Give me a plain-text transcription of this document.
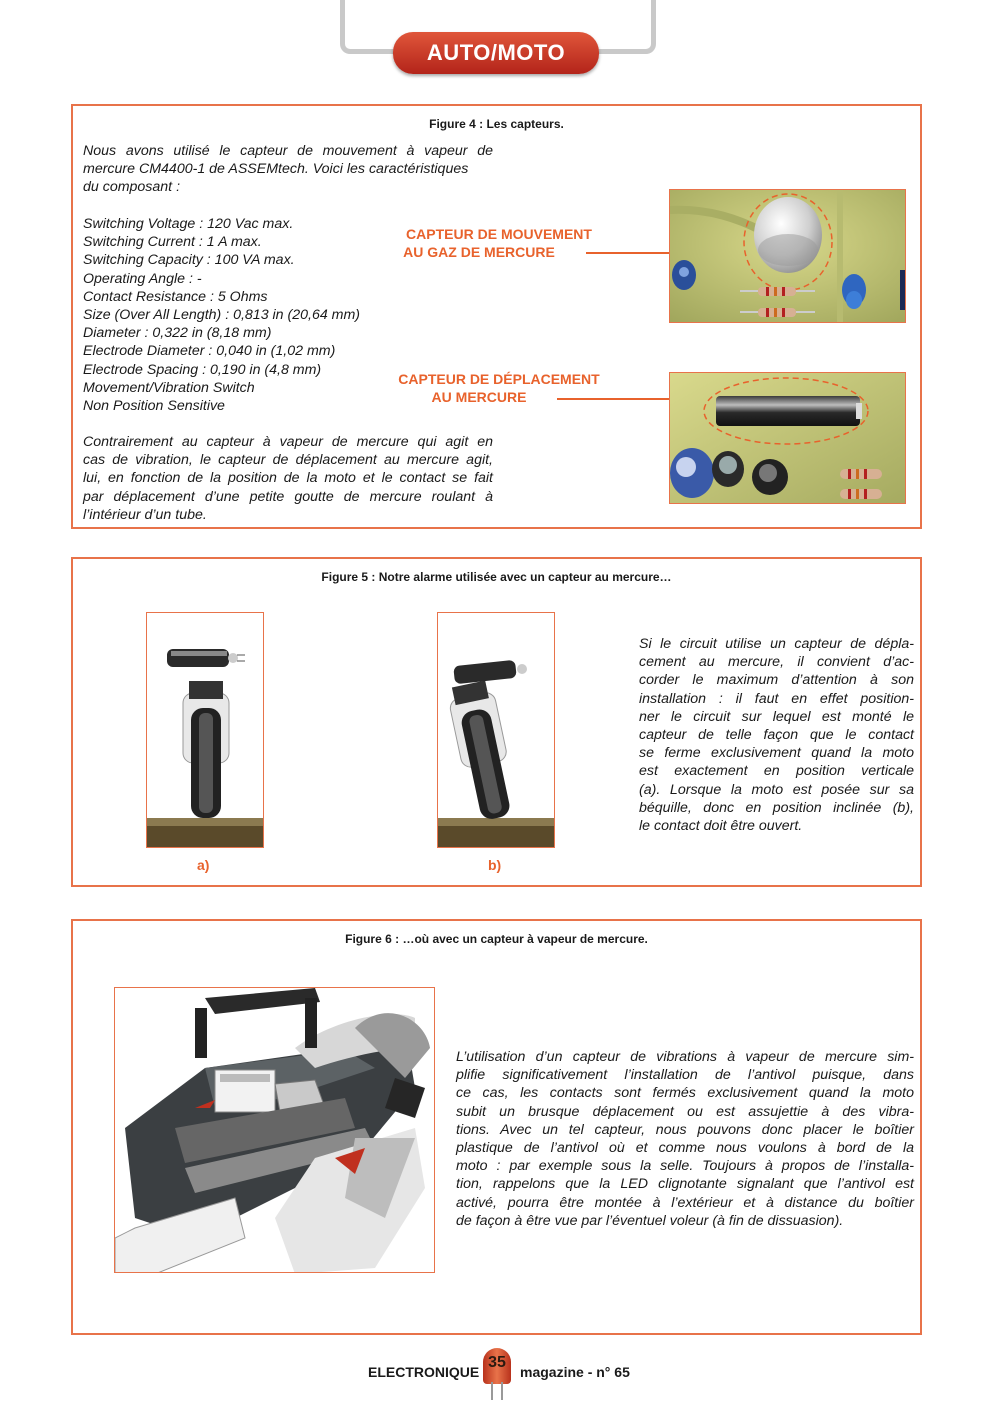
AUTO/MOTO
Figure 4 : Les capteurs.
Nous avons utilisé le capteur de mouvement à vapeur de
mercure CM4400-1 de ASSEMtech. Voici les caractéristiques
du composant :
Switching Voltage : 120 Vac max.
Switching Current : 1 A max.
Switching Capacity : 100 VA max.
Operating Angle : -
Contact Resistance : 5 Ohms
Size (Over All Length) : 0,813 in (20,64 mm)
Diameter : 0,322 in (8,18 mm)
Electrode Diameter : 0,040 in (1,02 mm)
Electrode Spacing : 0,190 in (4,8 mm)
Movement/Vibration Switch
Non Position Sensitive
Contrairement au capteur à vapeur de mercure qui agit en
cas de vibration, le capteur de déplacement au mercure agit,
lui, en fonction de la position de la moto et le contact se fait
par déplacement d’une petite goutte de mercure roulant à
l’intérieur d’un tube.
CAPTEUR DE MOUVEMENT
AU GAZ DE MERCURE
CAPTEUR DE DÉPLACEMENT
AU MERCURE
Figure 5 : Notre alarme utilisée avec un capteur au mercure…
a)	b)
Si le circuit utilise un capteur de dépla-
cement au mercure, il convient d’ac-
corder le maximum d’attention à son
installation : il faut en effet position-
ner le circuit sur lequel est monté le
capteur de telle façon que le contact
se ferme exclusivement quand la moto
est exactement en position verticale
(a). Lorsque la moto est posée sur sa
béquille, donc en position inclinée (b),
le contact doit être ouvert.
Figure 6 : …où avec un capteur à vapeur de mercure.
L’utilisation d’un capteur de vibrations à vapeur de mercure sim-
plifie significativement l’installation de l’antivol puisque, dans
ce cas, les contacts sont fermés exclusivement quand la moto
subit un brusque déplacement ou est assujettie à des vibra-
tions. Avec un tel capteur, nous pouvons donc placer le boîtier
plastique de l’antivol où et comme nous voulons à bord de la
moto : par exemple sous la selle. Toujours à propos de l’installa-
tion, rappelons que la LED clignotante signalant que l’antivol est
activé, pourra être montée à l’extérieur et à distance du boîtier
de façon à être vue par l’éventuel voleur (à fin de dissuasion).
ELECTRONIQUE
35
magazine - n° 65
